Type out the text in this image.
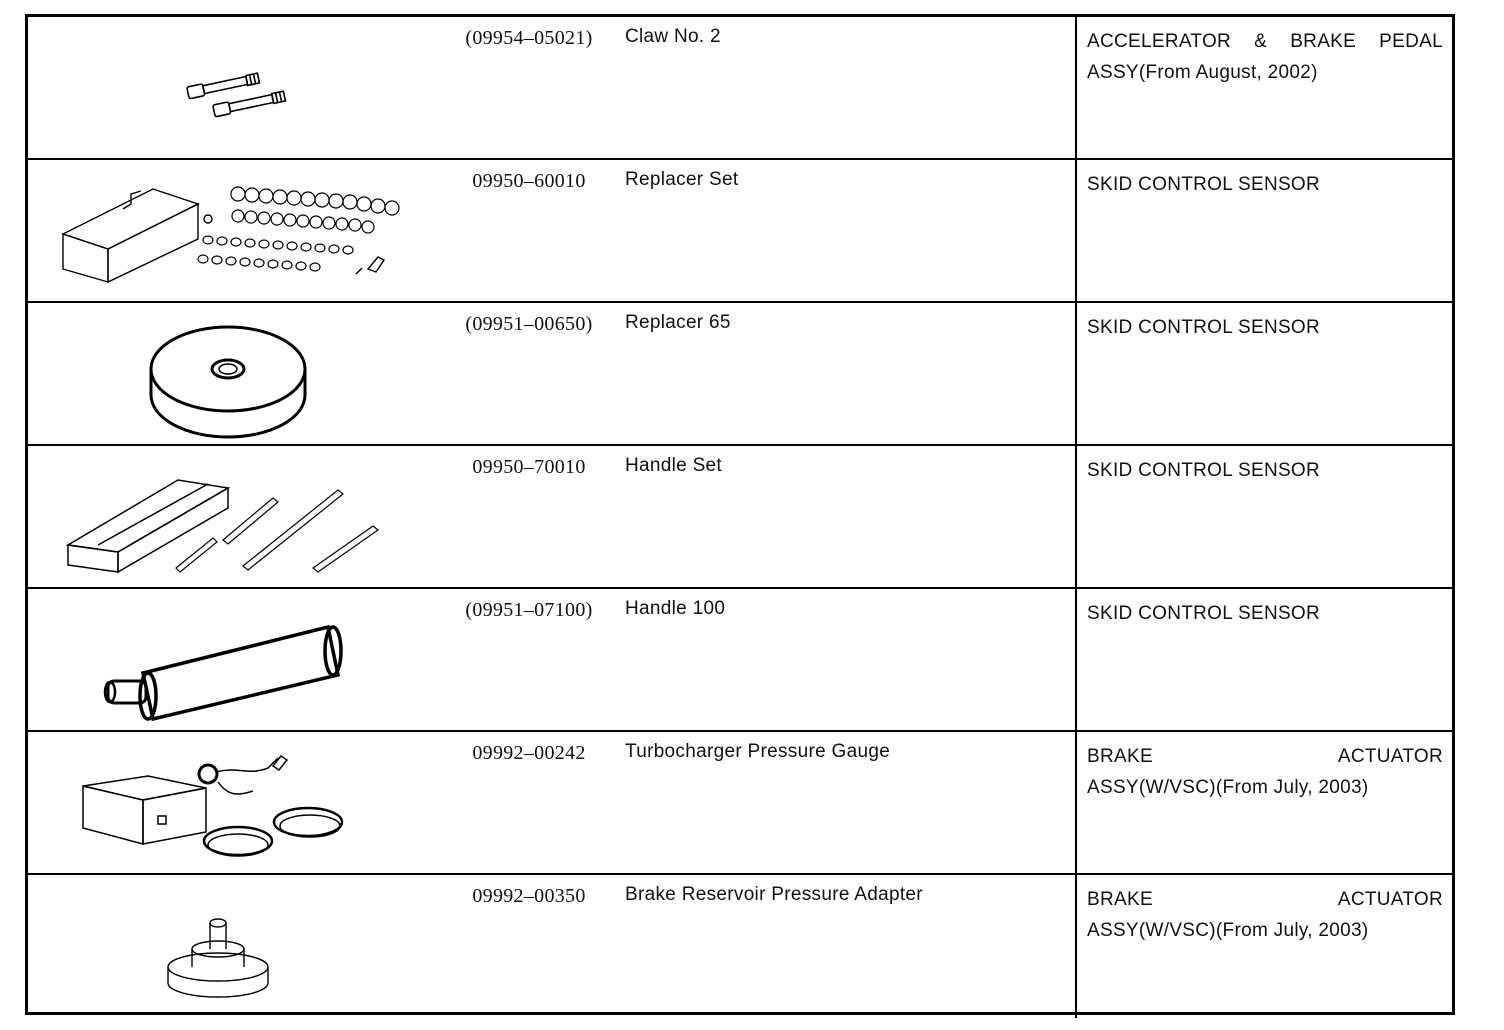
(09954–05021)	Claw No. 2	ACCELERATOR & BRAKE PEDAL
ASSY(From August, 2002)
09950–60010	Replacer Set	SKID CONTROL SENSOR
(09951–00650)	Replacer 65	SKID CONTROL SENSOR
09950–70010	Handle Set	SKID CONTROL SENSOR
(09951–07100)	Handle 100	SKID CONTROL SENSOR
09992–00242	Turbocharger Pressure Gauge	BRAKE ACTUATOR
ASSY(W/VSC)(From July, 2003)
09992–00350	Brake Reservoir Pressure Adapter	BRAKE ACTUATOR
ASSY(W/VSC)(From July, 2003)
